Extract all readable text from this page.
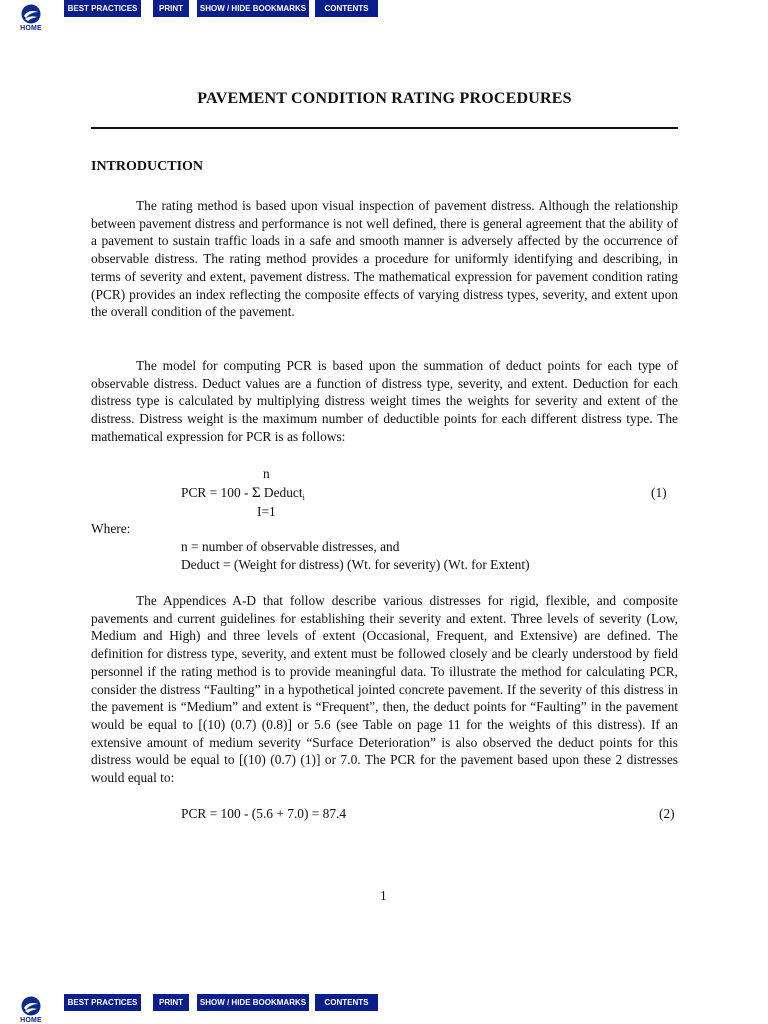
HOME
BEST PRACTICES	PRINT	SHOW / HIDE BOOKMARKS	CONTENTS
PAVEMENT CONDITION RATING PROCEDURES
INTRODUCTION

The rating method is based upon visual inspection of pavement distress. Although the relationship between pavement distress and performance is not well defined, there is general agreement that the ability of a pavement to sustain traffic loads in a safe and smooth manner is adversely affected by the occurrence of observable distress. The rating method provides a procedure for uniformly identifying and describing, in terms of severity and extent, pavement distress. The mathematical expression for pavement condition rating (PCR) provides an index reflecting the composite effects of varying distress types, severity, and extent upon the overall condition of the pavement.

The model for computing PCR is based upon the summation of deduct points for each type of observable distress. Deduct values are a function of distress type, severity, and extent. Deduction for each distress type is calculated by multiplying distress weight times the weights for severity and extent of the distress. Distress weight is the maximum number of deductible points for each different distress type. The mathematical expression for PCR is as follows:

n
PCR = 100 - Σ Deduct$_i$
I=1
(1)
Where:
n = number of observable distresses, and
Deduct = (Weight for distress) (Wt. for severity) (Wt. for Extent)

The Appendices A-D that follow describe various distresses for rigid, flexible, and composite pavements and current guidelines for establishing their severity and extent. Three levels of severity (Low, Medium and High) and three levels of extent (Occasional, Frequent, and Extensive) are defined. The definition for distress type, severity, and extent must be followed closely and be clearly understood by field personnel if the rating method is to provide meaningful data. To illustrate the method for calculating PCR, consider the distress “Faulting” in a hypothetical jointed concrete pavement. If the severity of this distress in the pavement is “Medium” and extent is “Frequent”, then, the deduct points for “Faulting” in the pavement would be equal to [(10) (0.7) (0.8)] or 5.6 (see Table on page 11 for the weights of this distress). If an extensive amount of medium severity “Surface Deterioration” is also observed the deduct points for this distress would be equal to [(10) (0.7) (1)] or 7.0. The PCR for the pavement based upon these 2 distresses would equal to:

PCR = 100 - (5.6 + 7.0) = 87.4	(2)
1
HOME
BEST PRACTICES	PRINT	SHOW / HIDE BOOKMARKS	CONTENTS
